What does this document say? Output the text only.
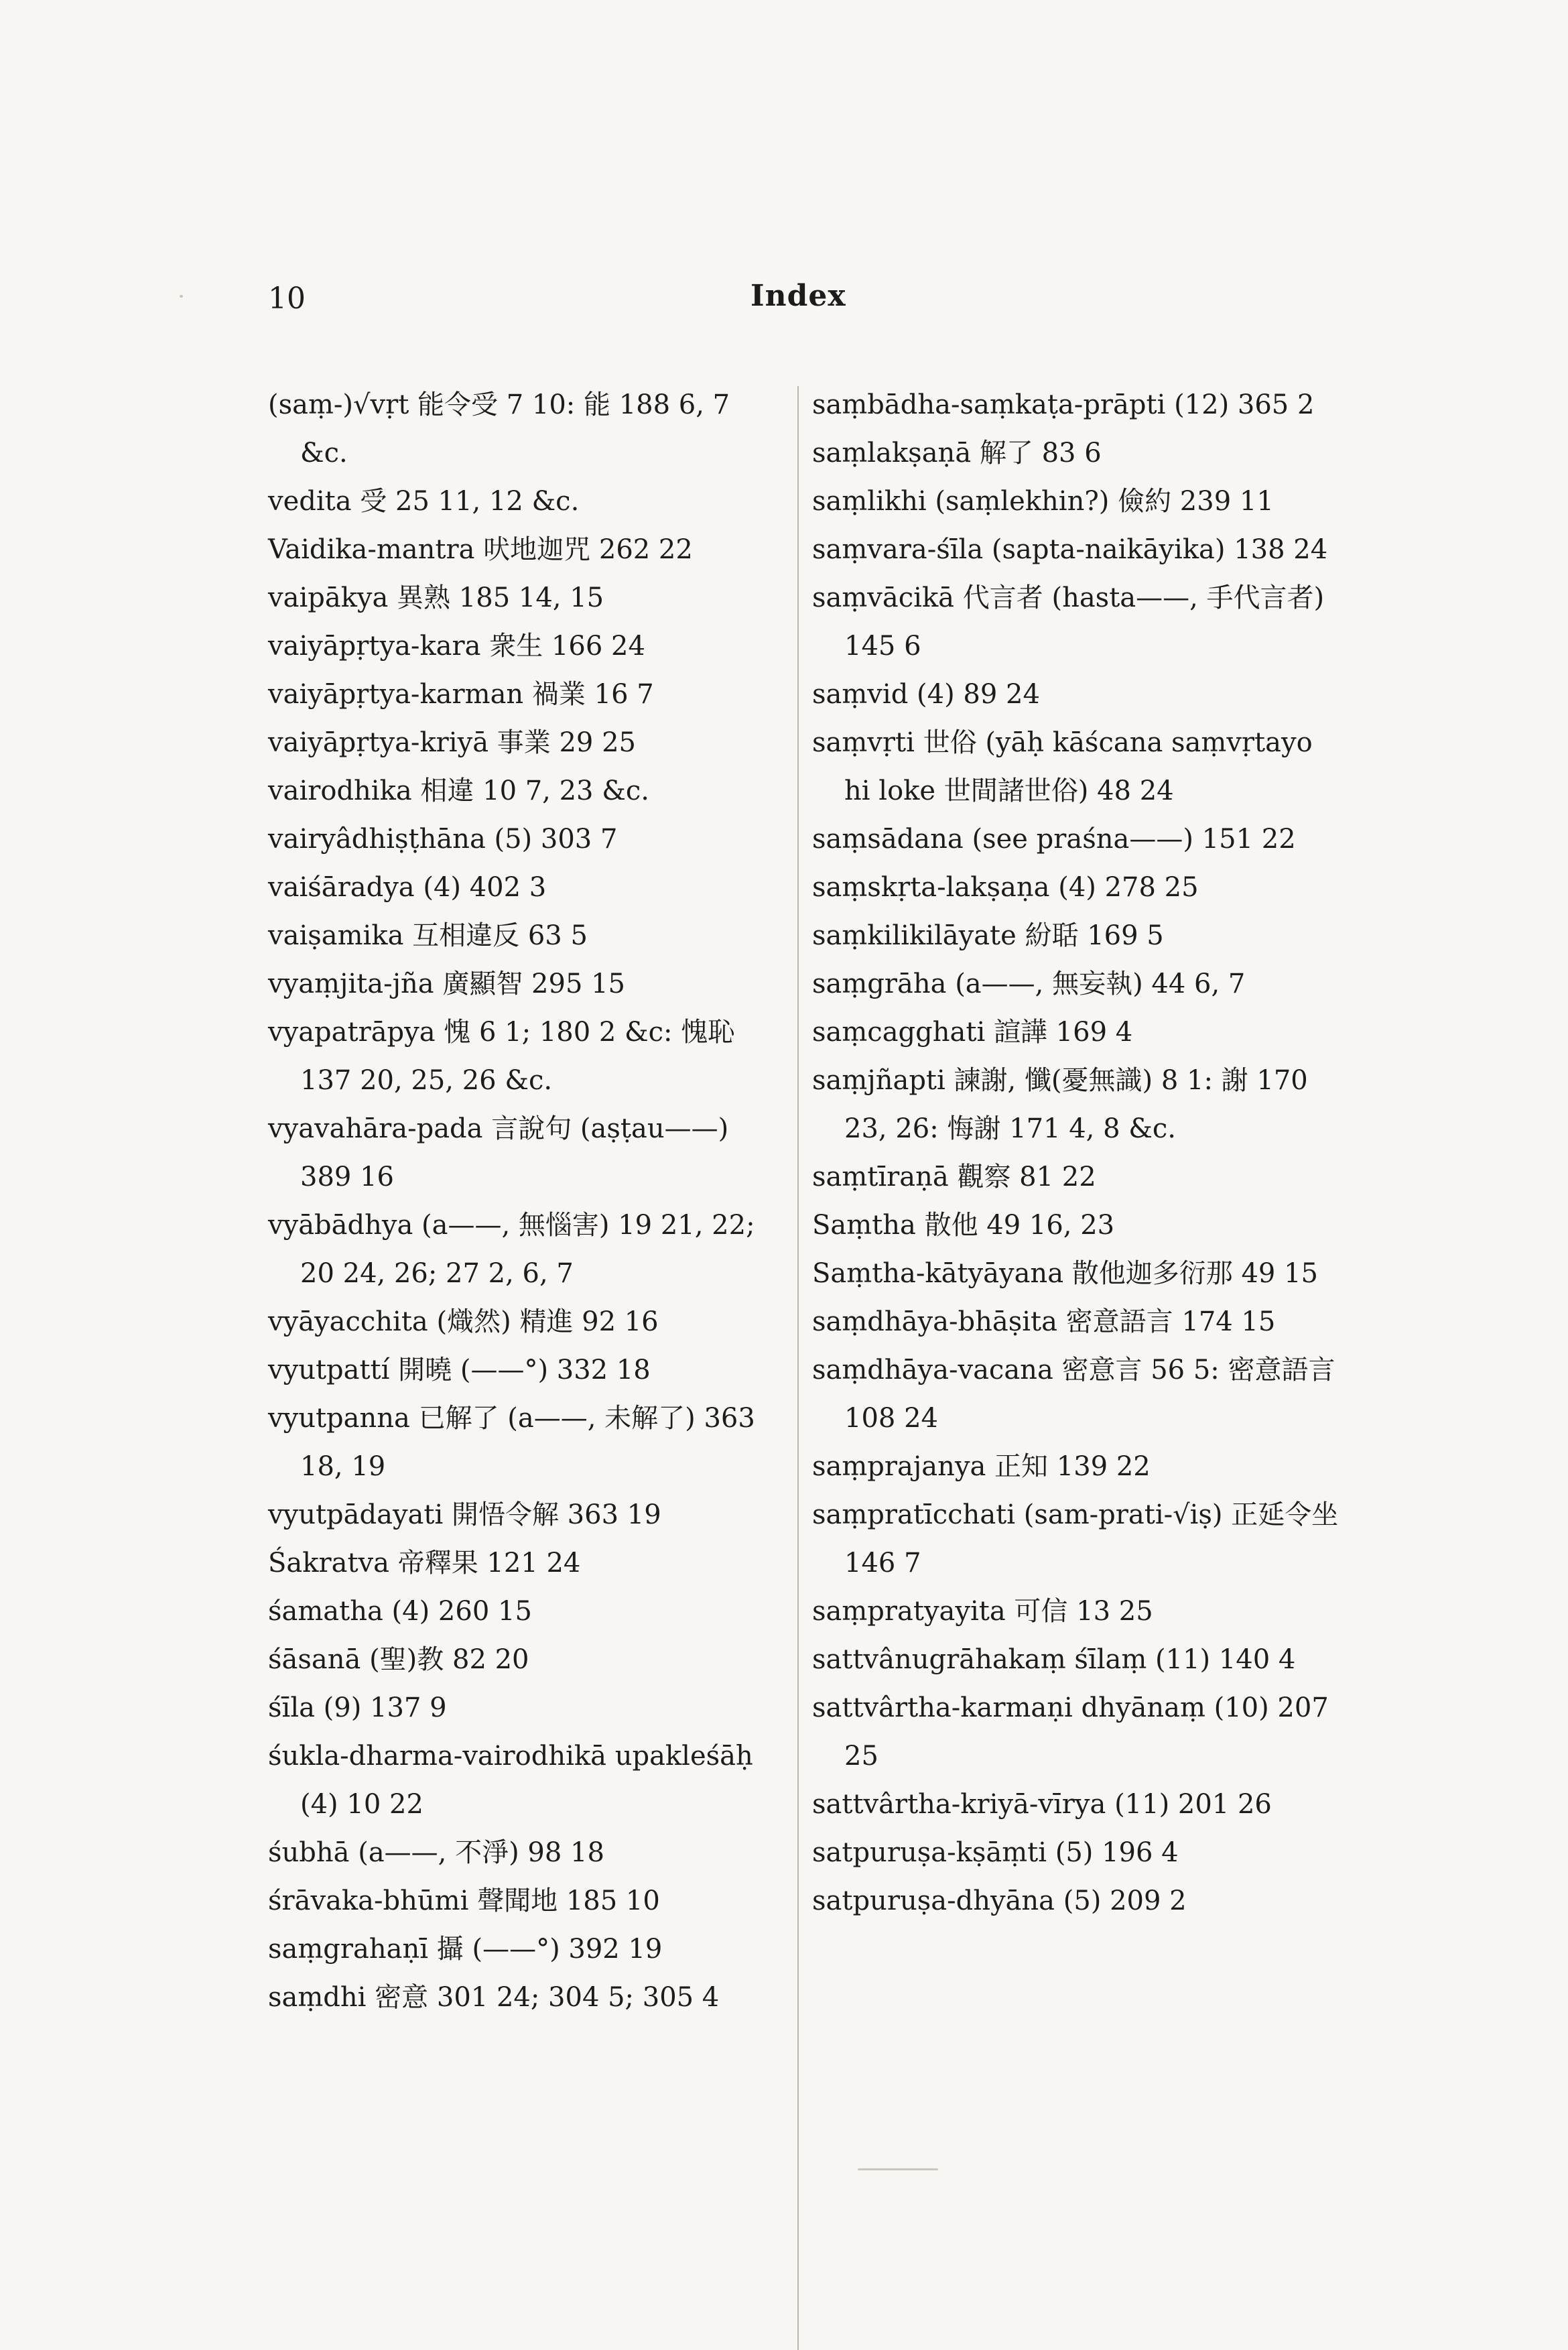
10	Index
(saṃ-)√vṛt 能令受 7 10: 能 188 6, 7 &c.
vedita 受 25 11, 12 &c.
Vaidika-mantra 吠地迦咒 262 22
vaipākya 異熟 185 14, 15
vaiyāpṛtya-kara 衆生 166 24
vaiyāpṛtya-karman 禍業 16 7
vaiyāpṛtya-kriyā 事業 29 25
vairodhika 相違 10 7, 23 &c.
vairyâdhiṣṭhāna (5) 303 7
vaiśāradya (4) 402 3
vaiṣamika 互相違反 63 5
vyaṃjita-jña 廣顯智 295 15
vyapatrāpya 愧 6 1; 180 2 &c: 愧恥 137 20, 25, 26 &c.
vyavahāra-pada 言說句 (aṣṭau——) 389 16
vyābādhya (a——, 無惱害) 19 21, 22; 20 24, 26; 27 2, 6, 7
vyāyacchita (熾然) 精進 92 16
vyutpattí 開曉 (——°) 332 18
vyutpanna 已解了 (a——, 未解了) 363 18, 19
vyutpādayati 開悟令解 363 19
Śakratva 帝釋果 121 24
śamatha (4) 260 15
śāsanā (聖)教 82 20
śīla (9) 137 9
śukla-dharma-vairodhikā upakleśāḥ (4) 10 22
śubhā (a——, 不淨) 98 18
śrāvaka-bhūmi 聲聞地 185 10
saṃgrahaṇī 攝 (——°) 392 19
saṃdhi 密意 301 24; 304 5; 305 4
saṃbādha-saṃkaṭa-prāpti (12) 365 2
saṃlakṣaṇā 解了 83 6
saṃlikhi (saṃlekhin?) 儉約 239 11
saṃvara-śīla (sapta-naikāyika) 138 24
saṃvācikā 代言者 (hasta——, 手代言者) 145 6
saṃvid (4) 89 24
saṃvṛti 世俗 (yāḥ kāścana saṃvṛtayo hi loke 世間諸世俗) 48 24
saṃsādana (see praśna——) 151 22
saṃskṛta-lakṣaṇa (4) 278 25
saṃkilikilāyate 紛聒 169 5
saṃgrāha (a——, 無妄執) 44 6, 7
saṃcagghati 諠譁 169 4
saṃjñapti 諫謝, 懺(憂無識) 8 1: 謝 170 23, 26: 悔謝 171 4, 8 &c.
saṃtīraṇā 觀察 81 22
Saṃtha 散他 49 16, 23
Saṃtha-kātyāyana 散他迦多衍那 49 15
saṃdhāya-bhāṣita 密意語言 174 15
saṃdhāya-vacana 密意言 56 5: 密意語言 108 24
saṃprajanya 正知 139 22
saṃpratīcchati (sam-prati-√iṣ) 正延令坐 146 7
saṃpratyayita 可信 13 25
sattvânugrāhakaṃ śīlaṃ (11) 140 4
sattvârtha-karmaṇi dhyānaṃ (10) 207 25
sattvârtha-kriyā-vīrya (11) 201 26
satpuruṣa-kṣāṃti (5) 196 4
satpuruṣa-dhyāna (5) 209 2
